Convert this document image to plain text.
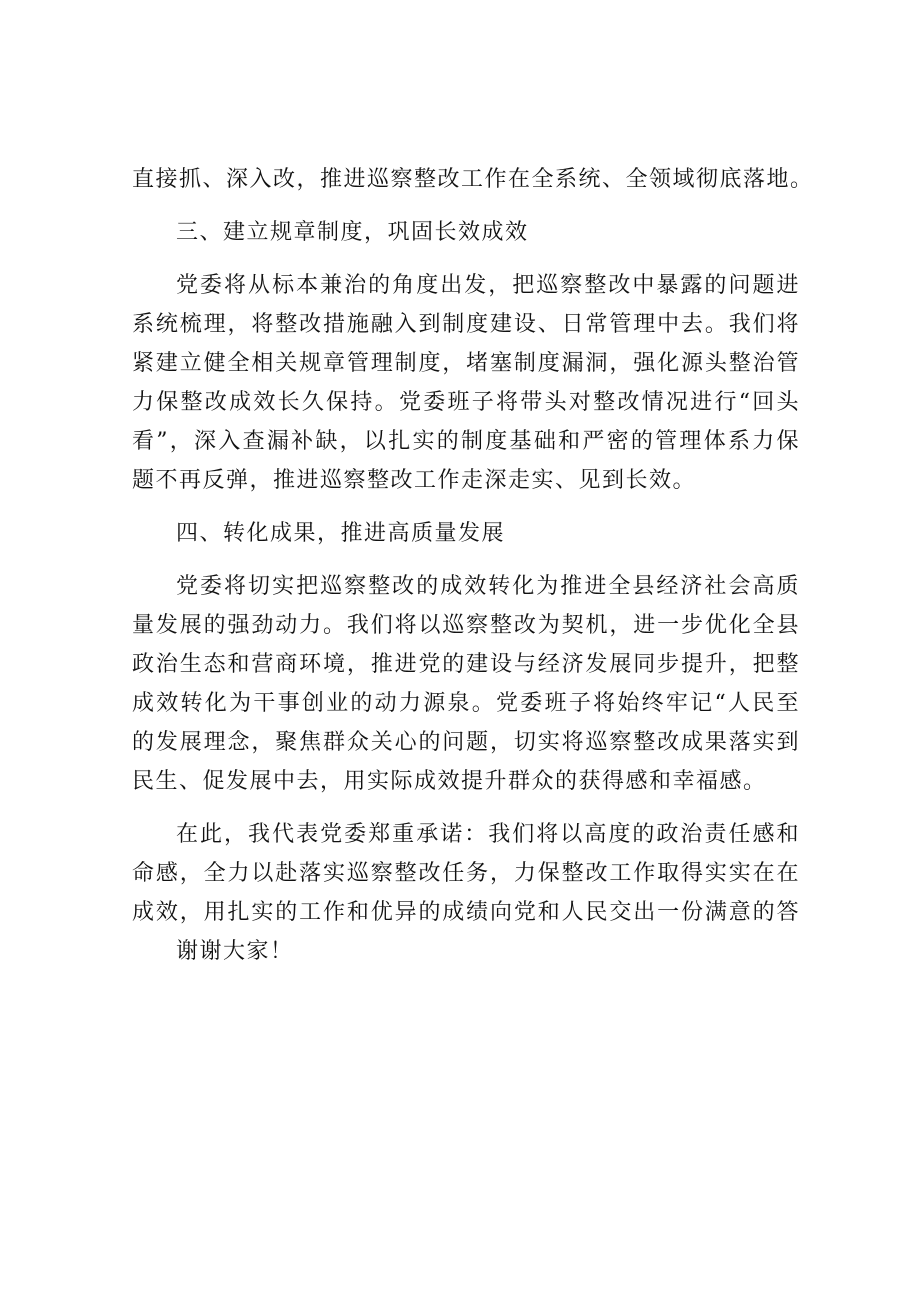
直接抓、深入改，推进巡察整改工作在全系统、全领域彻底落地。
三、建立规章制度，巩固长效成效
党委将从标本兼治的角度出发，把巡察整改中暴露的问题进
系统梳理，将整改措施融入到制度建设、日常管理中去。我们将
紧建立健全相关规章管理制度，堵塞制度漏洞，强化源头整治管
力保整改成效长久保持。党委班子将带头对整改情况进行“回头
看”，深入查漏补缺，以扎实的制度基础和严密的管理体系力保
题不再反弹，推进巡察整改工作走深走实、见到长效。
四、转化成果，推进高质量发展
党委将切实把巡察整改的成效转化为推进全县经济社会高质
量发展的强劲动力。我们将以巡察整改为契机，进一步优化全县
政治生态和营商环境，推进党的建设与经济发展同步提升，把整
成效转化为干事创业的动力源泉。党委班子将始终牢记“人民至
的发展理念，聚焦群众关心的问题，切实将巡察整改成果落实到
民生、促发展中去，用实际成效提升群众的获得感和幸福感。
在此，我代表党委郑重承诺：我们将以高度的政治责任感和
命感，全力以赴落实巡察整改任务，力保整改工作取得实实在在
成效，用扎实的工作和优异的成绩向党和人民交出一份满意的答
谢谢大家！
